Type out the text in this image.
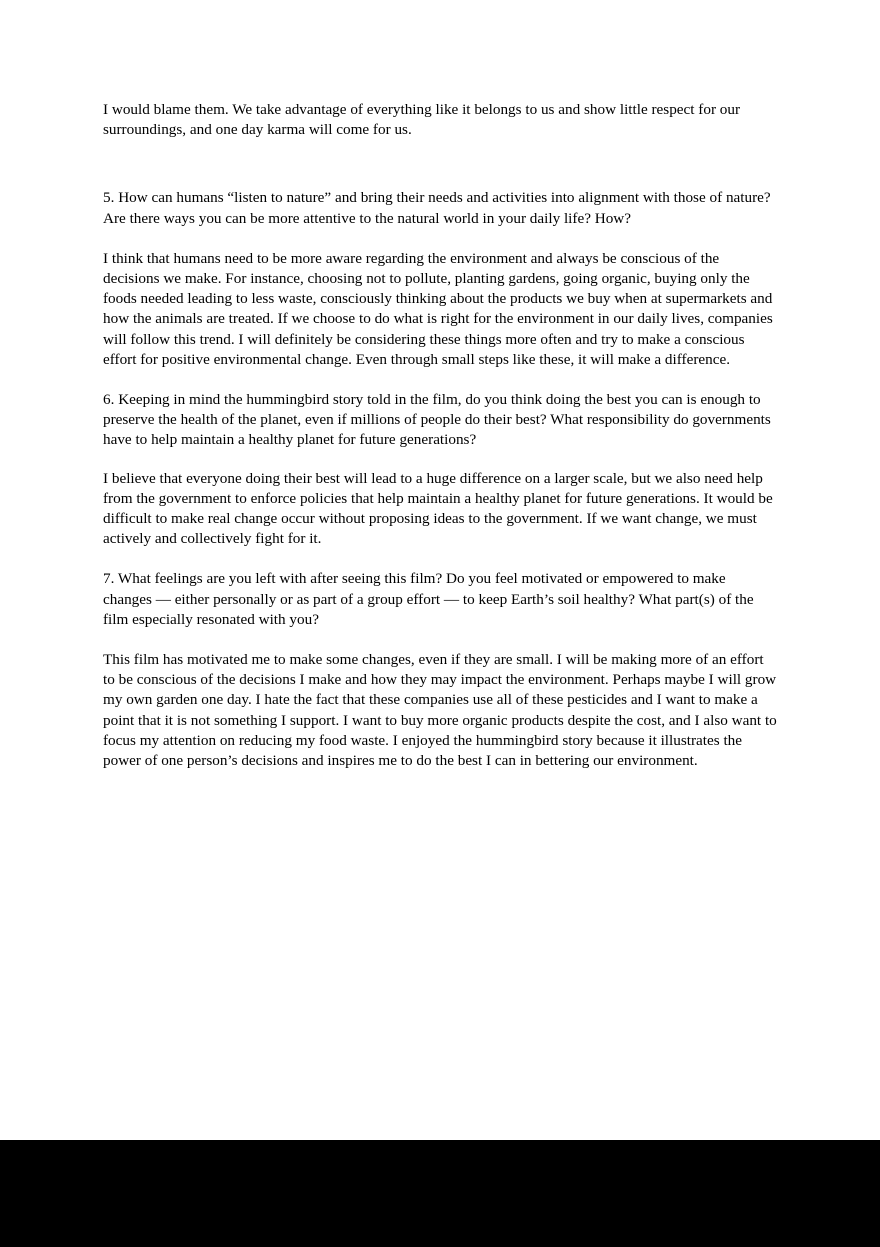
I would blame them. We take advantage of everything like it belongs to us and show little respect for our surroundings, and one day karma will come for us.

5. How can humans “listen to nature” and bring their needs and activities into alignment with those of nature? Are there ways you can be more attentive to the natural world in your daily life? How?

I think that humans need to be more aware regarding the environment and always be conscious of the decisions we make. For instance, choosing not to pollute, planting gardens, going organic, buying only the foods needed leading to less waste, consciously thinking about the products we buy when at supermarkets and how the animals are treated. If we choose to do what is right for the environment in our daily lives, companies will follow this trend. I will definitely be considering these things more often and try to make a conscious effort for positive environmental change. Even through small steps like these, it will make a difference.

6. Keeping in mind the hummingbird story told in the film, do you think doing the best you can is enough to preserve the health of the planet, even if millions of people do their best? What responsibility do governments have to help maintain a healthy planet for future generations?

I believe that everyone doing their best will lead to a huge difference on a larger scale, but we also need help from the government to enforce policies that help maintain a healthy planet for future generations. It would be difficult to make real change occur without proposing ideas to the government. If we want change, we must actively and collectively fight for it.

7. What feelings are you left with after seeing this film? Do you feel motivated or empowered to make changes — either personally or as part of a group effort — to keep Earth’s soil healthy? What part(s) of the film especially resonated with you?

This film has motivated me to make some changes, even if they are small. I will be making more of an effort to be conscious of the decisions I make and how they may impact the environment. Perhaps maybe I will grow my own garden one day. I hate the fact that these companies use all of these pesticides and I want to make a point that it is not something I support. I want to buy more organic products despite the cost, and I also want to focus my attention on reducing my food waste. I enjoyed the hummingbird story because it illustrates the power of one person’s decisions and inspires me to do the best I can in bettering our environment.
